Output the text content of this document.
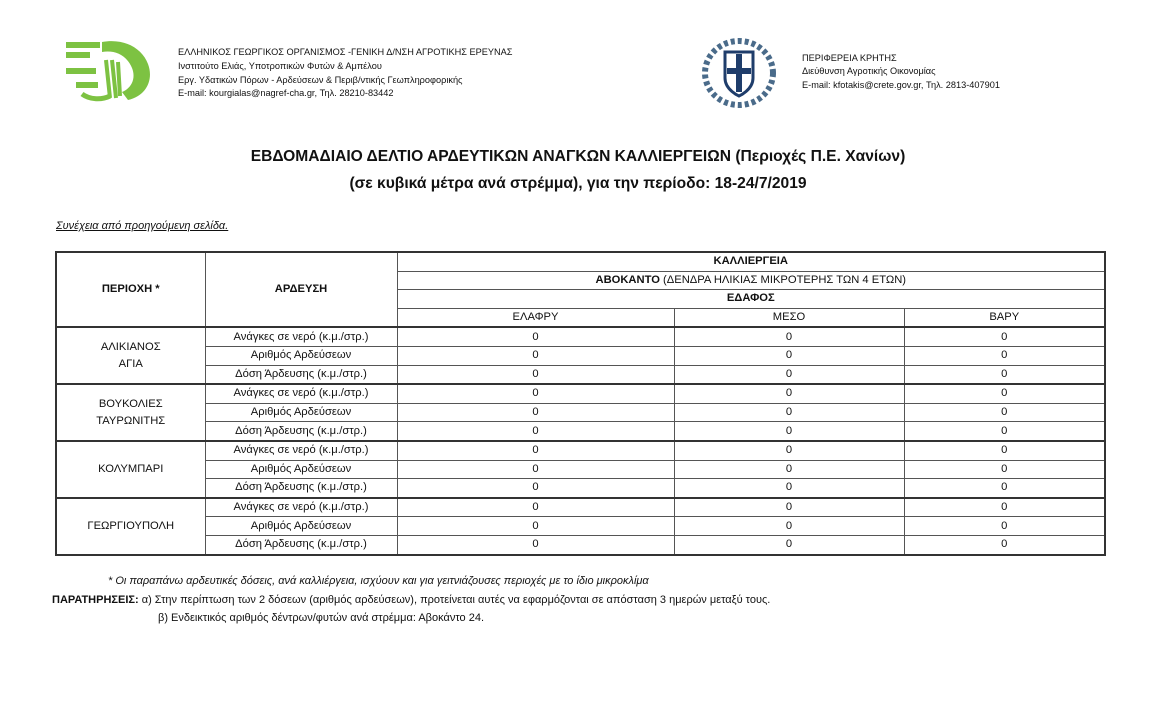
ΕΛΛΗΝΙΚΟΣ ΓΕΩΡΓΙΚΟΣ ΟΡΓΑΝΙΣΜΟΣ -ΓΕΝΙΚΗ Δ/ΝΣΗ ΑΓΡΟΤΙΚΗΣ ΕΡΕΥΝΑΣ
Ινστιτούτο Ελιάς, Υποτροπικών Φυτών & Αμπέλου
Εργ. Υδατικών Πόρων - Αρδεύσεων & Περιβ/ντικής Γεωπληροφορικής
E-mail: kourgialas@nagref-cha.gr, Τηλ. 28210-83442
ΠΕΡΙΦΕΡΕΙΑ ΚΡΗΤΗΣ
Διεύθυνση Αγροτικής Οικονομίας
E-mail: kfotakis@crete.gov.gr, Τηλ. 2813-407901
ΕΒΔΟΜΑΔΙΑΙΟ ΔΕΛΤΙΟ ΑΡΔΕΥΤΙΚΩΝ ΑΝΑΓΚΩΝ ΚΑΛΛΙΕΡΓΕΙΩΝ (Περιοχές Π.Ε. Χανίων)
(σε κυβικά μέτρα ανά στρέμμα), για την περίοδο: 18-24/7/2019
Συνέχεια από προηγούμενη σελίδα.
ΠΕΡΙΟΧΗ *	ΑΡΔΕΥΣΗ	ΚΑΛΛΙΕΡΓΕΙΑ		
		ΑΒΟΚΑΝΤΟ (ΔΕΝΔΡΑ ΗΛΙΚΙΑΣ ΜΙΚΡΟΤΕΡΗΣ ΤΩΝ 4 ΕΤΩΝ)		
		ΕΔΑΦΟΣ		
		ΕΛΑΦΡΥ	ΜΕΣΟ	ΒΑΡΥ

ΑΛΙΚΙΑΝΟΣ
ΑΓΙΑ	Ανάγκες σε νερό (κ.μ./στρ.)	0	0	0
	Αριθμός Αρδεύσεων	0	0	0
	Δόση Άρδευσης (κ.μ./στρ.)	0	0	0

ΒΟΥΚΟΛΙΕΣ
ΤΑΥΡΩΝΙΤΗΣ	Ανάγκες σε νερό (κ.μ./στρ.)	0	0	0
	Αριθμός Αρδεύσεων	0	0	0
	Δόση Άρδευσης (κ.μ./στρ.)	0	0	0

ΚΟΛΥΜΠΑΡΙ	Ανάγκες σε νερό (κ.μ./στρ.)	0	0	0
	Αριθμός Αρδεύσεων	0	0	0
	Δόση Άρδευσης (κ.μ./στρ.)	0	0	0

ΓΕΩΡΓΙΟΥΠΟΛΗ	Ανάγκες σε νερό (κ.μ./στρ.)	0	0	0
	Αριθμός Αρδεύσεων	0	0	0
	Δόση Άρδευσης (κ.μ./στρ.)	0	0	0
* Οι παραπάνω αρδευτικές δόσεις, ανά καλλιέργεια, ισχύουν και για γειτνιάζουσες περιοχές με το ίδιο μικροκλίμα
ΠΑΡΑΤΗΡΗΣΕΙΣ: α) Στην περίπτωση των 2 δόσεων (αριθμός αρδεύσεων), προτείνεται αυτές να εφαρμόζονται σε απόσταση 3 ημερών μεταξύ τους.
β) Ενδεικτικός αριθμός δέντρων/φυτών ανά στρέμμα: Αβοκάντο 24.
